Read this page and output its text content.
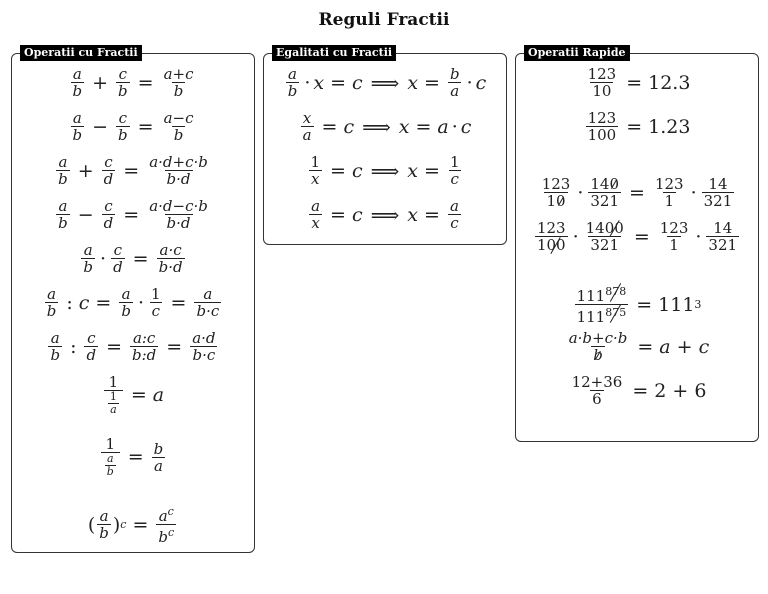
Reguli Fractii
Operatii cu Fractii
$\frac{a}{b} + \frac{c}{b} = \frac{a+c}{b}$
$\frac{a}{b} - \frac{c}{b} = \frac{a-c}{b}$
$\frac{a}{b} + \frac{c}{d} = \frac{a\cdot d+c\cdot b}{b\cdot d}$
$\frac{a}{b} - \frac{c}{d} = \frac{a\cdot d-c\cdot b}{b\cdot d}$
$\frac{a}{b} \cdot \frac{c}{d} = \frac{a\cdot c}{b\cdot d}$
$\frac{a}{b}$ : $c = \frac{a}{b} \cdot \frac{1}{c} = \frac{a}{b\cdot c}$
$\frac{a}{b}$ : $\frac{c}{d} = \frac{a:c}{b:d} = \frac{a\cdot d}{b\cdot c}$
$\frac{1}{\frac{1}{a}} = a$
$\frac{1}{\frac{a}{b}} = \frac{b}{a}$
( $\frac{a}{b}$ ) $c = \frac{a^c}{b^c}$
Egalitati cu Fractii
$\frac{a}{b} \cdot x = c$ ⟹ $x = \frac{b}{a} \cdot c$
$\frac{x}{a} = c$ ⟹ x = a · c
$\frac{1}{x} = c$ ⟹ $x = \frac{1}{c}$
$\frac{a}{x} = c$ ⟹ $x = \frac{a}{c}$
Operatii Rapide
$\frac{123}{10} = 12.3$
$\frac{123}{100} = 1.23$
$\frac{123}{10} \cdot \frac{140}{321} = \frac{123}{1} \cdot \frac{14}{321}$
$\frac{123}{100} \cdot \frac{1400}{321} = \frac{123}{1} \cdot \frac{14}{321}$
$\frac{111^{878}}{111^{875}} = 111$ 3
$\frac{a\cdot b+c\cdot b}{b} = a + c$
$\frac{12+36}{6} = 2 + 6$
